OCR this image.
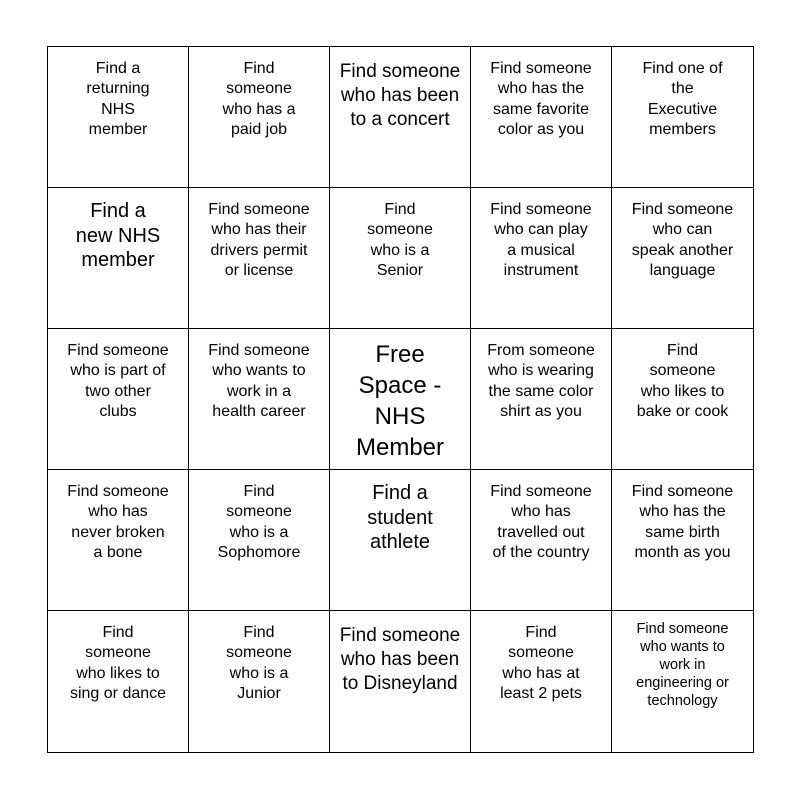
Find a
returning
NHS
member
Find
someone
who has a
paid job
Find someone
who has been
to a concert
Find someone
who has the
same favorite
color as you
Find one of
the
Executive
members
Find a
new NHS
member
Find someone
who has their
drivers permit
or license
Find
someone
who is a
Senior
Find someone
who can play
a musical
instrument
Find someone
who can
speak another
language
Find someone
who is part of
two other
clubs
Find someone
who wants to
work in a
health career
Free
Space -
NHS
Member
From someone
who is wearing
the same color
shirt as you
Find
someone
who likes to
bake or cook
Find someone
who has
never broken
a bone
Find
someone
who is a
Sophomore
Find a
student
athlete
Find someone
who has
travelled out
of the country
Find someone
who has the
same birth
month as you
Find
someone
who likes to
sing or dance
Find
someone
who is a
Junior
Find someone
who has been
to Disneyland
Find
someone
who has at
least 2 pets
Find someone
who wants to
work in
engineering or
technology
